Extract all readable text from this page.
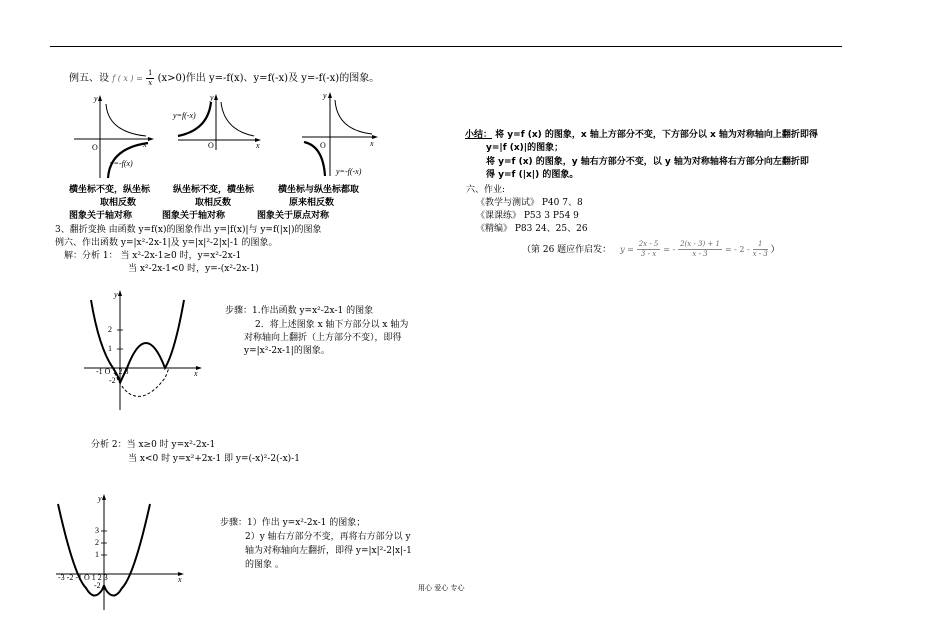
例五、设 f ( x ) = $\frac{1}{x} (x>0)$作出 y=-f(x)、y=f(-x)及 y=-f(-x)的图象。
y
x
O
y=-f(x)
y
x
O
y=f(-x)
y
x
O
y=-f(-x)
横坐标不变，纵坐标
取相反数
图象关于轴对称
纵坐标不变，横坐标
取相反数
图象关于轴对称
横坐标与纵坐标都取
原来相反数
图象关于原点对称
3、翻折变换 由函数 y=f(x)的图象作出 y=|f(x)|与 y=f(|x|)的图象
例六、作出函数 y=|x²-2x-1|及 y=|x|²-2|x|-1 的图象。
解：分析 1： 当 x²-2x-1≥0 时，y=x²-2x-1
当 x²-2x-1<0 时，y=-(x²-2x-1)
y
x
2
1
-1 O 1 2 3
-2
步骤：1.作出函数 y=x²-2x-1 的图象
2．将上述图象 x 轴下方部分以 x 轴为
对称轴向上翻折（上方部分不变），即得
y=|x²-2x-1|的图象。
分析 2：当 x≥0 时 y=x²-2x-1
当 x<0 时 y=x²+2x-1 即 y=(-x)²-2(-x)-1
y
x
3
2
1
-3 -2 -1 O 1 2 3
-2
步骤：1）作出 y=x²-2x-1 的图象；
2）y 轴右方部分不变，再将右方部分以 y
轴为对称轴向左翻折，即得 y=|x|²-2|x|-1
的图象 。
小结： 将 y=f (x) 的图象，x 轴上方部分不变，下方部分以 x 轴为对称轴向上翻折即得
y=|f (x)|的图象；
将 y=f (x) 的图象，y 轴右方部分不变，以 y 轴为对称轴将右方部分向左翻折即
得 y=f (|x|) 的图象。
六、作业:
《教学与测试》 P40 7、8
《课课练》 P53 3 P54 9
《精编》 P83 24、25、26
（第 26 题应作启发： $y = \frac{2x - 5}{3 - x}$ = - $\frac{2(x - 3) + 1}{x - 3}$ = - $2 - \frac{1}{x - 3}$ ）
用心 爱心 专心
